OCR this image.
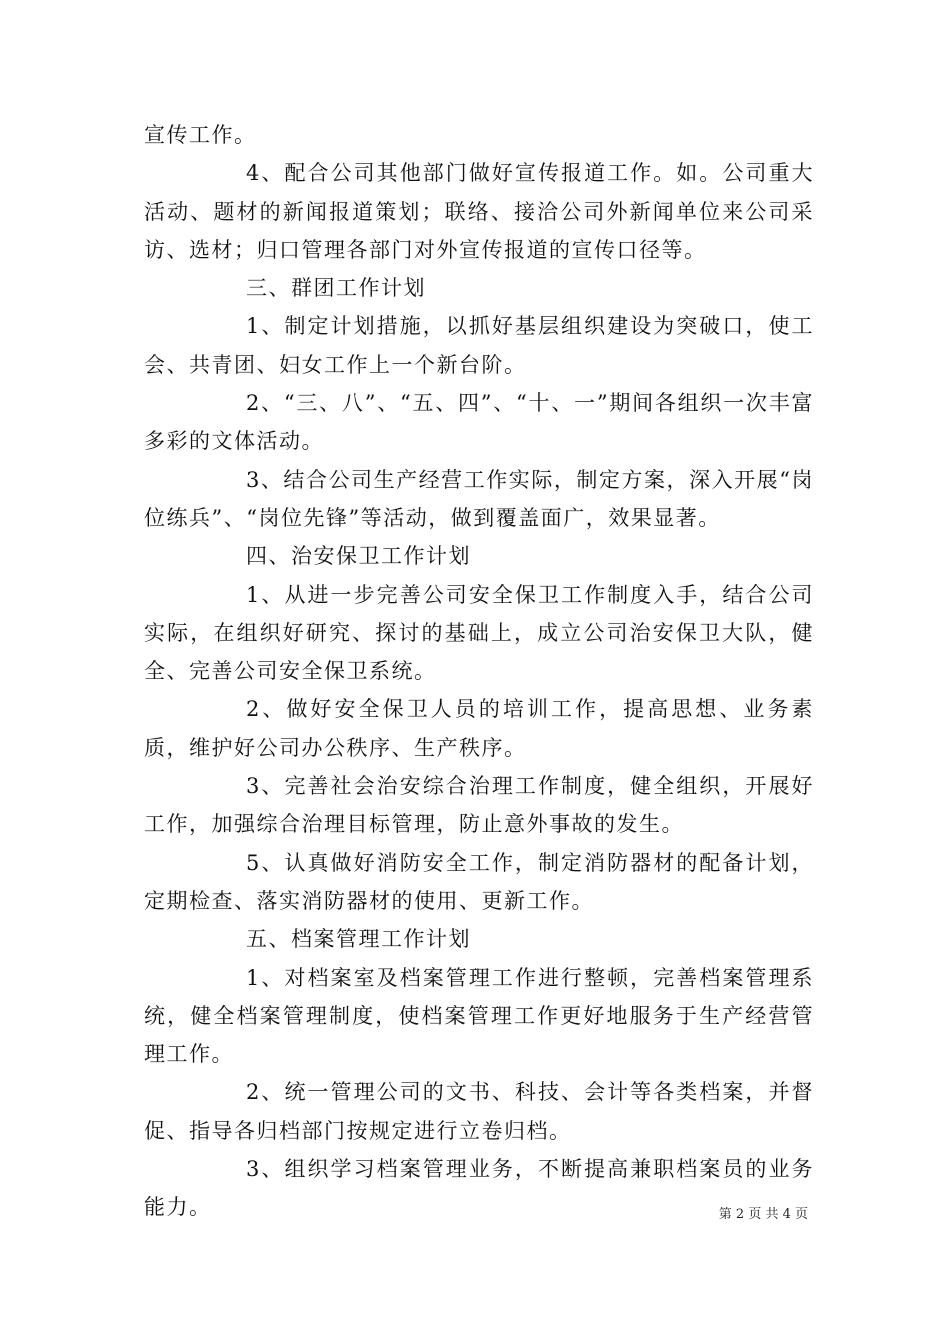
宣传工作。

4、配合公司其他部门做好宣传报道工作。如。公司重大活动、题材的新闻报道策划；联络、接洽公司外新闻单位来公司采访、选材；归口管理各部门对外宣传报道的宣传口径等。

三、群团工作计划

1、制定计划措施，以抓好基层组织建设为突破口，使工会、共青团、妇女工作上一个新台阶。

2、“三、八”、“五、四”、“十、一”期间各组织一次丰富多彩的文体活动。

3、结合公司生产经营工作实际，制定方案，深入开展“岗位练兵”、“岗位先锋”等活动，做到覆盖面广，效果显著。

四、治安保卫工作计划

1、从进一步完善公司安全保卫工作制度入手，结合公司实际，在组织好研究、探讨的基础上，成立公司治安保卫大队，健全、完善公司安全保卫系统。

2、做好安全保卫人员的培训工作，提高思想、业务素质，维护好公司办公秩序、生产秩序。

3、完善社会治安综合治理工作制度，健全组织，开展好工作，加强综合治理目标管理，防止意外事故的发生。

5、认真做好消防安全工作，制定消防器材的配备计划，定期检查、落实消防器材的使用、更新工作。

五、档案管理工作计划

1、对档案室及档案管理工作进行整顿，完善档案管理系统，健全档案管理制度，使档案管理工作更好地服务于生产经营管理工作。

2、统一管理公司的文书、科技、会计等各类档案，并督促、指导各归档部门按规定进行立卷归档。

3、组织学习档案管理业务，不断提高兼职档案员的业务能力。	第 2 页 共 4 页
